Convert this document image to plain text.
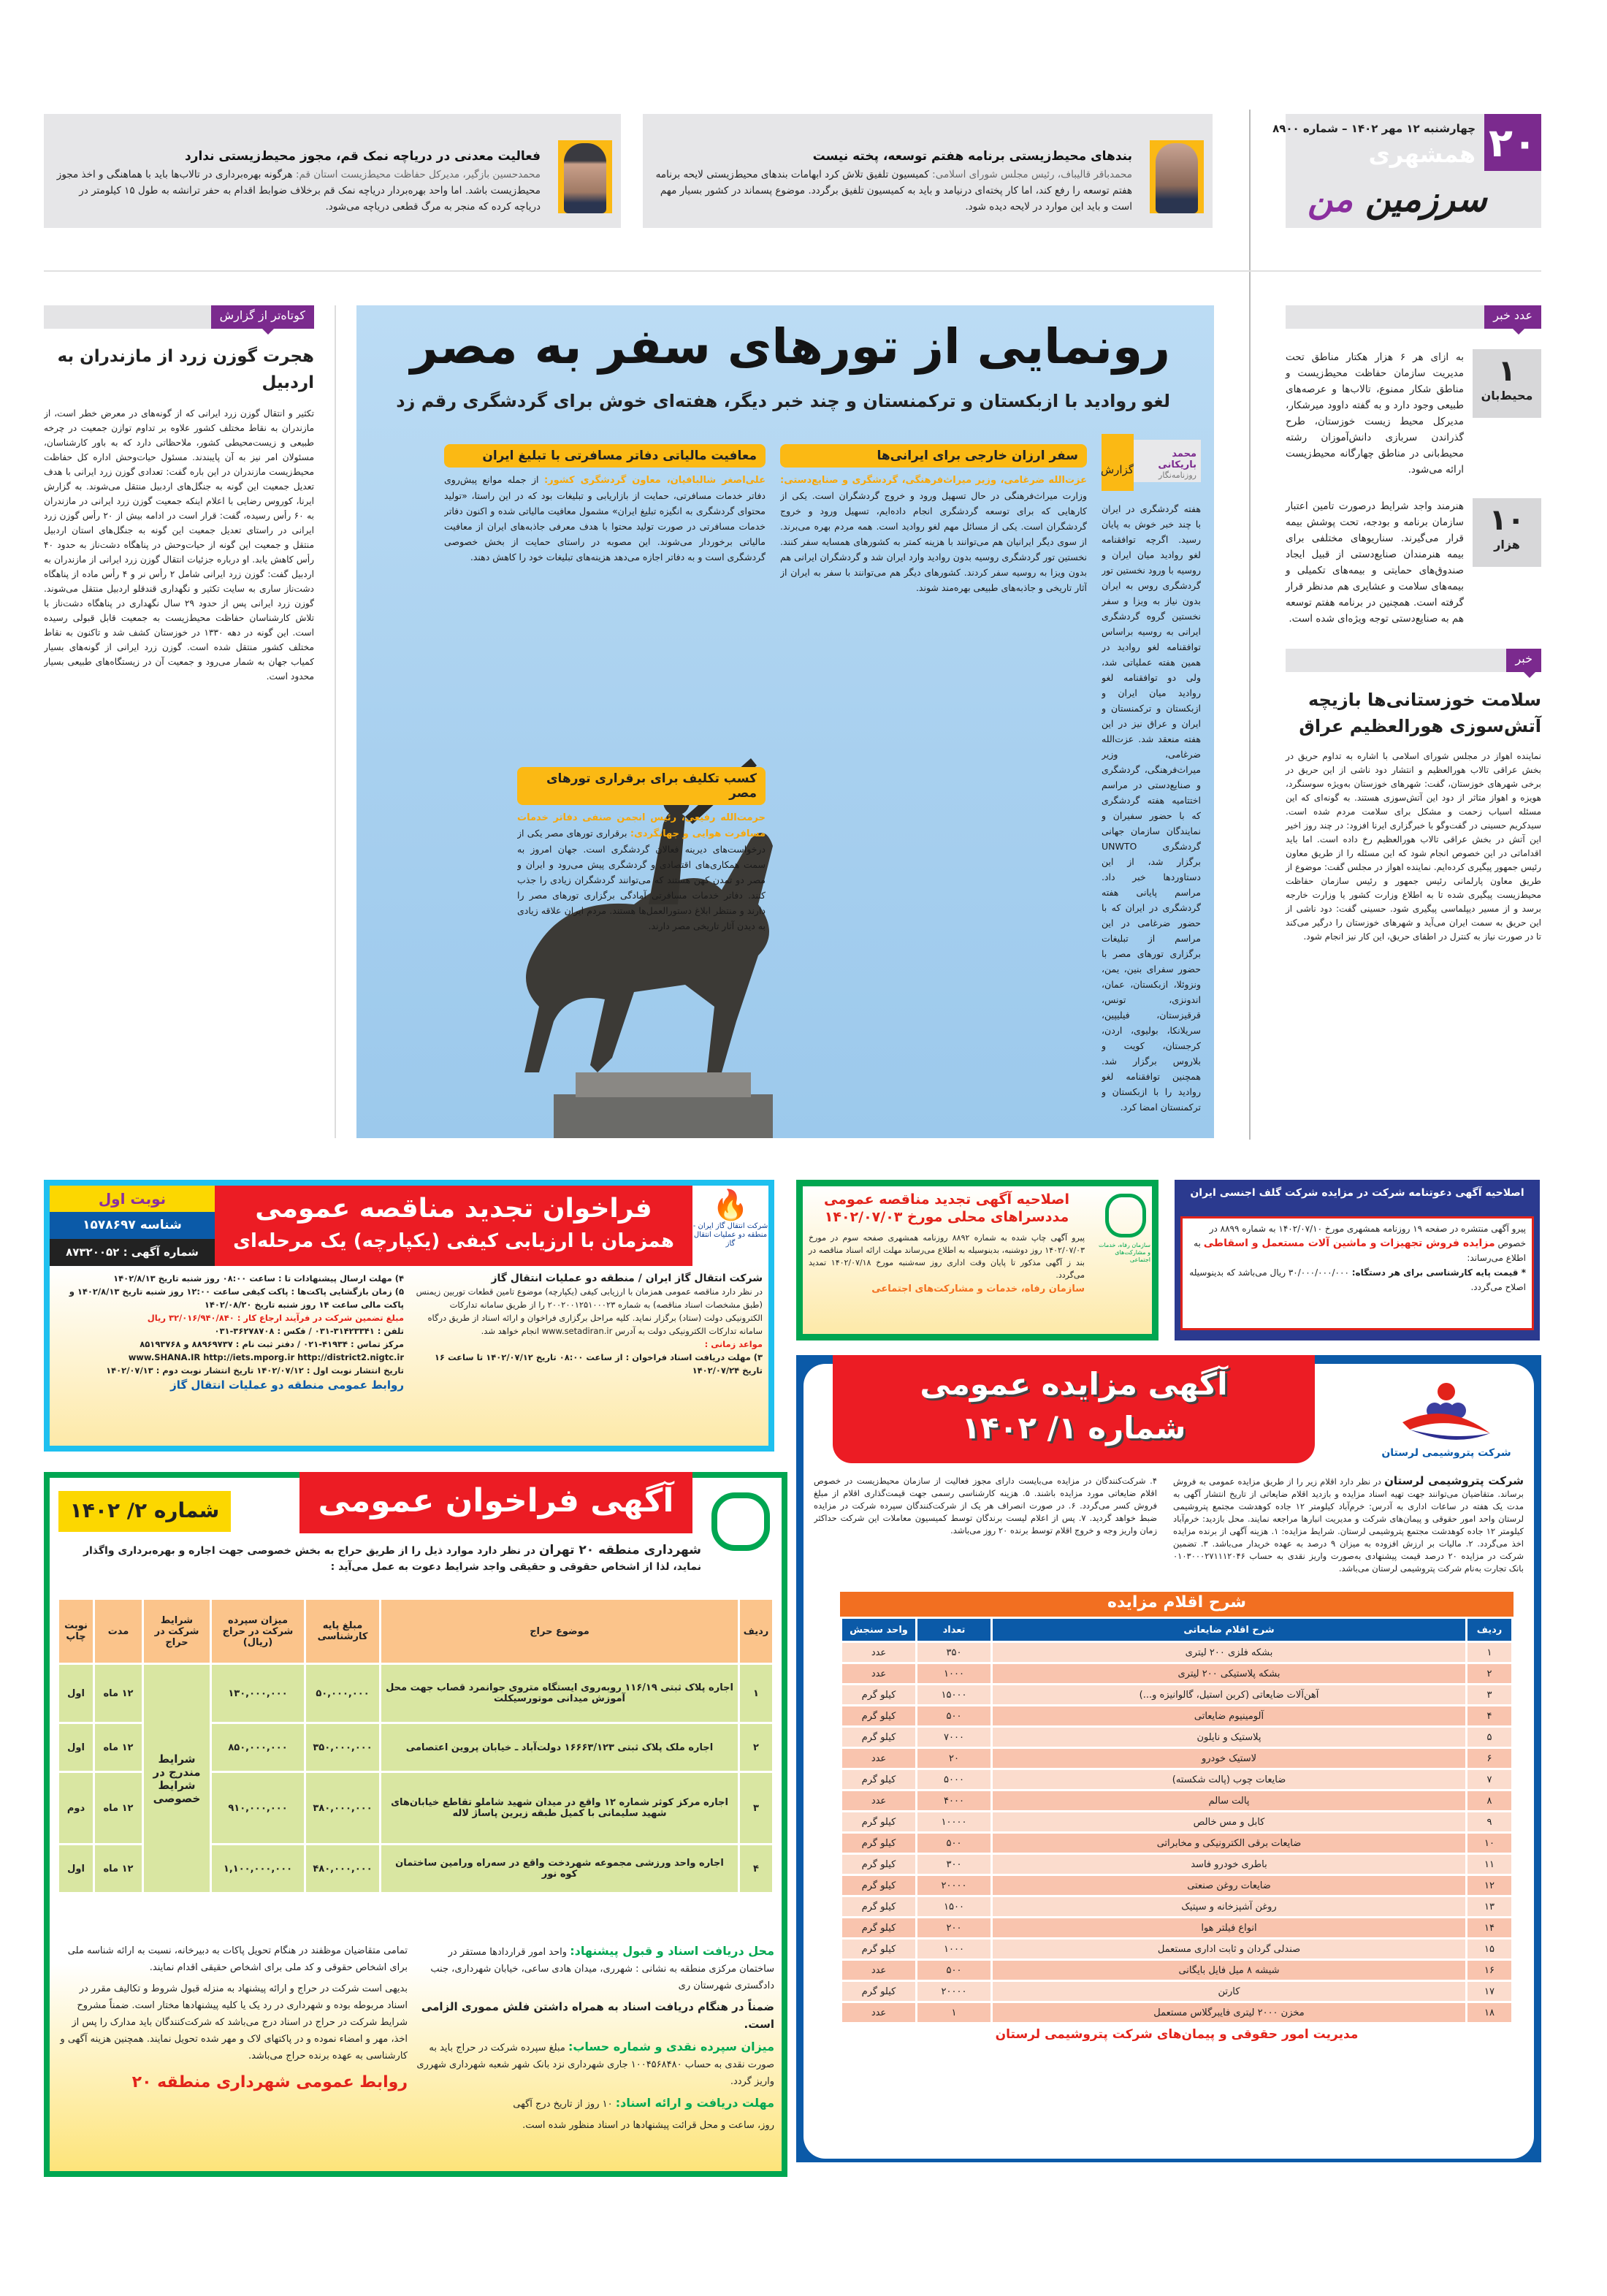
۲۰
چهارشنبه ۱۲ مهر ۱۴۰۲ – شماره ۸۹۰۰
همشهری
سرزمین من
بندهای محیط‌زیستی برنامه هفتم توسعه، پخته نیست
محمدباقر قالیباف، رئیس مجلس شورای اسلامی: کمیسیون تلفیق تلاش کرد ابهامات بندهای محیط‌زیستی لایحه برنامه هفتم توسعه را رفع کند، اما کار پخته‌ای درنیامد و باید به کمیسیون تلفیق برگردد. موضوع پسماند در کشور بسیار مهم است و باید این موارد در لایحه دیده شود.
فعالیت معدنی در دریاچه نمک قم، مجوز محیط‌زیستی ندارد
محمدحسین بازگیر، مدیرکل حفاظت محیط‌زیست استان قم: هرگونه بهره‌برداری در تالاب‌ها باید با هماهنگی و اخذ مجوز محیط‌زیست باشد. اما واحد بهره‌بردار دریاچه نمک قم برخلاف ضوابط اقدام به حفر ترانشه به طول ۱۵ کیلومتر در دریاچه کرده که منجر به مرگ قطعی دریاچه می‌شود.
عدد خبر
۱
محیط‌بان

به ازای هر ۶ هزار هکتار مناطق تحت مدیریت سازمان حفاظت محیط‌زیست و مناطق شکار ممنوع، تالاب‌ها و عرصه‌های طبیعی وجود دارد و به گفته داوود میرشکار، مدیرکل محیط زیست خوزستان، طرح گذراندن سربازی دانش‌آموزان رشته محیط‌بانی در مناطق چهارگانه محیط‌زیست ارائه می‌شود.

۱۰
هزار

هنرمند واجد شرایط درصورت تامین اعتبار سازمان برنامه و بودجه، تحت پوشش بیمه قرار می‌گیرند. سناریوهای مختلفی برای بیمه هنرمندان صنایع‌دستی از قبیل ایجاد صندوق‌های حمایتی و بیمه‌های تکمیلی و بیمه‌های سلامت و عشایری هم مدنظر قرار گرفته است. همچنین در برنامه هفتم توسعه هم به صنایع‌دستی توجه ویژه‌ای شده است.

خبر
سلامت خوزستانی‌ها بازیچه آتش‌سوزی هورالعظیم عراق
نماینده اهواز در مجلس شورای اسلامی با اشاره به تداوم حریق در بخش عراقی تالاب هورالعظیم و انتشار دود ناشی از این حریق در برخی شهرهای خوزستان، گفت: شهرهای خوزستان به‌ویژه سوسنگرد، هویزه و اهواز متاثر از دود این آتش‌سوزی هستند. به گونه‌ای که این مسئله اسباب زحمت و مشکل برای سلامت مردم شده است. سیدکریم حسینی در گفت‌وگو با خبرگزاری ایرنا افزود: در چند روز اخیر این آتش در بخش عراقی تالاب هورالعظیم رخ داده است. اما باید اقداماتی در این خصوص انجام شود که این مسئله را از طریق معاون رئیس جمهور پیگیری کرده‌ایم. نماینده اهواز در مجلس گفت: موضوع از طریق معاون پارلمانی رئیس جمهور و رئیس سازمان حفاظت محیط‌زیست پیگیری شده تا به اطلاع وزارت کشور یا وزارت خارجه برسد و از مسیر دیپلماسی پیگیری شود. حسینی گفت: دود ناشی از این حریق به سمت ایران می‌آید و شهرهای خوزستان را درگیر می‌کند تا در صورت نیاز به کنترل در اطفای حریق، این کار نیز انجام شود.
رونمایی از تورهای سفر به مصر
لغو روادید با ازبکستان و ترکمنستان و چند خبر دیگر، هفته‌ای خوش برای گردشگری رقم زد
محمد باریکانی
روزنامه‌نگار
گزارش

هفته گردشگری در ایران با چند خبر خوش به پایان رسید. اگرچه توافقنامه لغو روادید میان ایران و روسیه با ورود نخستین تور گردشگری روس به ایران بدون نیاز به ویزا و سفر نخستین گروه گردشگری ایرانی به روسیه براساس توافقنامه لغو روادید در همین هفته عملیاتی شد، ولی دو توافقنامه لغو روادید میان ایران و ازبکستان و ترکمنستان و ایران و عراق نیز در این هفته منعقد شد. عزت‌الله ضرغامی، وزیر میراث‌فرهنگی، گردشگری و صنایع‌دستی در مراسم اختتامیه هفته گردشگری که با حضور سفیران و نمایندگان سازمان جهانی گردشگری UNWTO برگزار شد، از این دستاوردها خبر داد. مراسم پایانی هفته گردشگری در ایران که با حضور ضرغامی در این مراسم از تبلیغات برگزاری تورهای مصر با حضور سفرای بنین، یمن، ونزوئلا، ازبکستان، عمان، اندونزی، تونس، قرقیزستان، فیلیپین، سریلانکا، بولیوی، اردن، کرجستان، کویت و بلاروس برگزار شد. همچنین توافقنامه لغو روادید را با ازبکستان و ترکمنستان امضا کرد.

سفر ارزان خارجی برای ایرانی‌ها

عزت‌الله ضرغامی، وزیر میراث‌فرهنگی، گردشگری و صنایع‌دستی: وزارت میراث‌فرهنگی در حال تسهیل ورود و خروج گردشگران است. یکی از کارهایی که برای توسعه گردشگری انجام داده‌ایم، تسهیل ورود و خروج گردشگران است. یکی از مسائل مهم لغو روادید است. همه مردم بهره می‌برند. از سوی دیگر ایرانیان هم می‌توانند با هزینه کمتر به کشورهای همسایه سفر کنند. نخستین تور گردشگری روسیه بدون روادید وارد ایران شد و گردشگران ایرانی هم بدون ویزا به روسیه سفر کردند. کشورهای دیگر هم می‌توانند با سفر به ایران از آثار تاریخی و جاذبه‌های طبیعی بهره‌مند شوند.

معافیت مالیاتی دفاتر مسافرتی با تبلیغ ایران

علی‌اصغر شالبافیان، معاون گردشگری کشور: از جمله موانع پیش‌روی دفاتر خدمات مسافرتی، حمایت از بازاریابی و تبلیغات بود که در این راستا، «تولید محتوای گردشگری به انگیزه تبلیغ ایران» مشمول معافیت مالیاتی شده و اکنون دفاتر خدمات مسافرتی در صورت تولید محتوا با هدف معرفی جاذبه‌های ایران از معافیت مالیاتی برخوردار می‌شوند. این مصوبه در راستای حمایت از بخش خصوصی گردشگری است و به دفاتر اجازه می‌دهد هزینه‌های تبلیغات خود را کاهش دهند.

کسب تکلیف برای برقراری تورهای مصر

حرمت‌الله رفیعی، رئیس انجمن صنفی دفاتر خدمات مسافرت هوایی و جهانگردی: برقراری تورهای مصر یکی از درخواست‌های دیرینه فعالان گردشگری است. جهان امروز به سمت همکاری‌های اقتصادی و گردشگری پیش می‌رود و ایران و مصر دو تمدن کهن هستند که می‌توانند گردشگران زیادی را جذب کنند. دفاتر خدمات مسافرتی آمادگی برگزاری تورهای مصر را دارند و منتظر ابلاغ دستورالعمل‌ها هستند. مردم ایران علاقه زیادی به دیدن آثار تاریخی مصر دارند.

کوتاه‌تر از گزارش
هجرت گوزن زرد از مازندران به اردبیل
تکثیر و انتقال گوزن زرد ایرانی که از گونه‌های در معرض خطر است، از مازندران به نقاط مختلف کشور علاوه بر تداوم توازن جمعیت در چرخه طبیعی و زیست‌محیطی کشور، ملاحظاتی دارد که به باور کارشناسان، مسئولان امر نیز به آن پایبندند. مسئول حیات‌وحش اداره کل حفاظت محیط‌زیست مازندران در این باره گفت: تعدادی گوزن زرد ایرانی با هدف تعدیل جمعیت این گونه به جنگل‌های اردبیل منتقل می‌شوند. به گزارش ایرنا، کوروس رضایی با اعلام اینکه جمعیت گوزن زرد ایرانی در مازندران به ۶۰ رأس رسیده، گفت: قرار است در ادامه بیش از ۲۰ رأس گوزن زرد ایرانی در راستای تعدیل جمعیت این گونه به جنگل‌های استان اردبیل منتقل و جمعیت این گونه از حیات‌وحش در پناهگاه دشت‌ناز به حدود ۴۰ رأس کاهش یابد. او درباره جزئیات انتقال گوزن زرد ایرانی از مازندران به اردبیل گفت: گوزن زرد ایرانی شامل ۲ رأس نر و ۴ رأس ماده از پناهگاه دشت‌ناز ساری به سایت تکثیر و نگهداری قندقلو اردبیل منتقل می‌شوند. گوزن زرد ایرانی پس از حدود ۲۹ سال نگهداری در پناهگاه دشت‌ناز با تلاش کارشناسان حفاظت محیط‌زیست به جمعیت قابل قبولی رسیده است. این گونه در دهه ۱۳۳۰ در خوزستان کشف شد و تاکنون به نقاط مختلف کشور منتقل شده است. گوزن زرد ایرانی از گونه‌های بسیار کمیاب جهان به شمار می‌رود و جمعیت آن در زیستگاه‌های طبیعی بسیار محدود است.
🔥
شرکت انتقال گاز ایران - منطقه دو عملیات انتقال گاز
فراخوان تجدید مناقصه عمومی
همزمان با ارزیابی کیفی (یکپارچه) یک مرحله‌ای
نوبت اول
شناسه ۱۵۷۸۶۹۷
شماره آگهی : ۸۷۳۲۰۰۵۲
شرکت انتقال گاز ایران / منطقه دو عملیات انتقال گاز
در نظر دارد مناقصه عمومی همزمان با ارزیابی کیفی (یکپارچه) موضوع تامین قطعات توربین زیمنس (طبق مشخصات اسناد مناقصه) به شماره ۲۰۰۲۰۰۱۲۵۱۰۰۰۲۳ را از طریق سامانه تدارکات الکترونیکی دولت (ستاد) برگزار نماید. کلیه مراحل برگزاری فراخوان و ارائه اسناد از طریق درگاه سامانه تدارکات الکترونیکی دولت به آدرس www.setadiran.ir انجام خواهد شد.
مواعد زمانی :
۳) مهلت دریافت اسناد فراخوان : از ساعت ۰۸:۰۰ تاریخ ۱۴۰۲/۰۷/۱۲ تا ساعت ۱۶ تاریخ ۱۴۰۲/۰۷/۲۴
۴) مهلت ارسال پیشنهادات تا : ساعت ۰۸:۰۰ روز شنبه تاریخ ۱۴۰۲/۸/۱۳
۵) زمان بازگشایی پاکت‌ها : پاکت کیفی ساعت ۱۲:۰۰ روز شنبه تاریخ ۱۴۰۲/۸/۱۳ و پاکت مالی ساعت ۱۴ روز شنبه تاریخ ۱۴۰۲/۰۸/۲۰
مبلغ تضمین شرکت در فرآیند ارجاع کار : ۳۲/۰۱۶/۹۴۰/۸۴۰ ریال
تلفن : ۳۱۴۲۳۳۴۱-۰۳۱ / فکس : ۳۶۲۷۸۷۰۸-۰۳۱
مرکز تماس : ۴۱۹۳۴-۰۲۱ / دفتر ثبت نام : ۸۸۹۶۹۷۳۷ و ۸۵۱۹۳۷۶۸
www.SHANA.IR http://iets.mporg.ir http://district2.nigtc.ir
تاریخ انتشار نوبت اول : ۱۴۰۲/۰۷/۱۲ تاریخ انتشار نوبت دوم : ۱۴۰۲/۰۷/۱۳
روابط عمومی منطقه دو عملیات انتقال گاز
سازمان رفاه، خدمات و مشارکت‌های اجتماعی
اصلاحیه آگهی تجدید مناقصه عمومی
مددسراهای محلی مورخ ۱۴۰۲/۰۷/۰۳
پیرو آگهی چاپ شده به شماره ۸۸۹۲ روزنامه همشهری صفحه سوم در مورخ ۱۴۰۲/۰۷/۰۳ روز دوشنبه، بدینوسیله به اطلاع می‌رساند مهلت ارائه اسناد مناقصه در بند ز آگهی مذکور تا پایان وقت اداری روز سه‌شنبه مورخ ۱۴۰۲/۰۷/۱۸ تمدید می‌گردد.
سازمان رفاه، خدمات و مشارکت‌های اجتماعی
اصلاحیه آگهی دعوتنامه شرکت در مزایده شرکت گلف اجنسی ایران
پیرو آگهی منتشره در صفحه ۱۹ روزنامه همشهری مورخ ۱۴۰۲/۰۷/۱۰ به شماره ۸۸۹۹ در خصوص مزایده فروش تجهیزات و ماشین آلات مستعمل و اسقاطی به اطلاع می‌رساند:
* قیمت پایه کارشناسی برای هر دستگاه: ۳۰/۰۰۰/۰۰۰/۰۰۰ ریال می‌باشد که بدینوسیله اصلاح می‌گردد.
شرکت پتروشیمی لرستان
آگهی مزایده عمومی
شماره ۱/ ۱۴۰۲
شرکت پتروشیمی لرستان در نظر دارد اقلام زیر را از طریق مزایده عمومی به فروش برساند. متقاضیان می‌توانند جهت تهیه اسناد مزایده و بازدید اقلام ضایعاتی از تاریخ انتشار آگهی به مدت یک هفته در ساعات اداری به آدرس: خرم‌آباد کیلومتر ۱۲ جاده کوهدشت مجتمع پتروشیمی لرستان واحد امور حقوقی و پیمان‌های شرکت و مدیریت انبارها مراجعه نمایند. محل بازدید: خرم‌آباد کیلومتر ۱۲ جاده کوهدشت مجتمع پتروشیمی لرستان. شرایط مزایده: ۱. هزینه آگهی از برنده مزایده اخذ می‌گردد. ۲. مالیات بر ارزش افزوده به میزان ۹ درصد به عهده خریدار می‌باشد. ۳. تضمین شرکت در مزایده ۲۰ درصد قیمت پیشنهادی به‌صورت واریز نقدی به حساب ۰۱۰۳۰۰۰۲۷۱۱۱۲۰۴۶ بانک تجارت به‌نام شرکت پتروشیمی لرستان می‌باشد.
۴. شرکت‌کنندگان در مزایده می‌بایست دارای مجوز فعالیت از سازمان محیط‌زیست در خصوص اقلام ضایعاتی مورد مزایده باشند. ۵. هزینه کارشناسی رسمی جهت قیمت‌گذاری اقلام از مبلغ فروش کسر می‌گردد. ۶. در صورت انصراف هر یک از شرکت‌کنندگان سپرده شرکت در مزایده ضبط خواهد گردید. ۷. پس از اعلام لیست برندگان توسط کمیسیون معاملات این شرکت حداکثر زمان واریز وجه و خروج اقلام توسط برنده ۲۰ روز می‌باشد.
شرح اقلام مزایده
ردیف	شرح اقلام ضایعاتی	تعداد	واحد سنجش
۱	بشکه فلزی ۲۰۰ لیتری	۳۵۰	عدد
۲	بشکه پلاستیکی ۲۰۰ لیتری	۱۰۰۰	عدد
۳	آهن‌آلات ضایعاتی (کربن استیل، گالوانیزه و...)	۱۵۰۰۰	کیلو گرم
۴	آلومینیوم ضایعاتی	۵۰۰	کیلو گرم
۵	پلاستیک و نایلون	۷۰۰۰	کیلو گرم
۶	لاستیک خودرو	۲۰	عدد
۷	ضایعات چوب (پالت شکسته)	۵۰۰۰	کیلو گرم
۸	پالت سالم	۴۰۰۰	عدد
۹	کابل و مس خالص	۱۰۰۰۰	کیلو گرم
۱۰	ضایعات برقی الکترونیکی و مخابراتی	۵۰۰	کیلو گرم
۱۱	باطری خودرو فاسد	۳۰۰	کیلو گرم
۱۲	ضایعات روغن صنعتی	۲۰۰۰۰	کیلو گرم
۱۳	روغن آشپزخانه و سپتیک	۱۵۰۰	کیلو گرم
۱۴	انواع فیلتر هوا	۲۰۰	کیلو گرم
۱۵	صندلی گردان و ثابت اداری مستعمل	۱۰۰۰	کیلو گرم
۱۶	شیشه ۸ میل فایل بایگانی	۵۰۰	عدد
۱۷	کارتن	۲۰۰۰۰	کیلو گرم
۱۸	مخزن ۲۰۰۰ لیتری فایبرگلاس مستعمل	۱	عدد
مدیریت امور حقوقی و پیمان‌های شرکت پتروشیمی لرستان
آگهی فراخوان عمومی
شماره ۲/ ۱۴۰۲
شهرداری منطقه ۲۰ تهران در نظر دارد موارد ذیل را از طریق حراج به بخش خصوصی جهت اجاره و بهره‌برداری واگذار نماید، لذا از اشخاص حقوقی و حقیقی واجد شرایط دعوت به عمل می‌آید :
ردیف	موضوع حراج	مبلغ پایه کارشناسی	میزان سپرده شرکت در حراج (ریال)	شرایط شرکت در حراج	مدت	نوبت چاپ
۱	اجاره پلاک ثبتی ۱۱۶/۱۹ روبه‌روی ایستگاه متروی جوانمرد قصاب جهت محل آموزش میدانی موتورسیکلت	۵۰,۰۰۰,۰۰۰	۱۳۰,۰۰۰,۰۰۰	شرایط مندرج در شرایط خصوصی	۱۲ ماه	اول
۲	اجاره ملک پلاک ثبتی ۱۶۶۶۳/۱۲۳ دولت‌آباد ـ خیابان پروین اعتصامی	۳۵۰,۰۰۰,۰۰۰	۸۵۰,۰۰۰,۰۰۰		۱۲ ماه	اول
۳	اجاره مرکز کوثر شماره ۱۲ واقع در میدان شهید شاملو تقاطع خیابان‌های شهید سلیمانی با کمیل طبقه زیرین پاساژ لاله	۳۸۰,۰۰۰,۰۰۰	۹۱۰,۰۰۰,۰۰۰		۱۲ ماه	دوم
۴	اجاره واحد ورزشی مجموعه شهردخت واقع در سه‌راه ورامین ساختمان کوه نور	۴۸۰,۰۰۰,۰۰۰	۱,۱۰۰,۰۰۰,۰۰۰		۱۲ ماه	اول

محل دریافت اسناد و قبول پیشنهاد: واحد امور قراردادها مستقر در ساختمان مرکزی منطقه به نشانی : شهرری، میدان هادی ساعی، خیابان شهرداری، جنب دادگستری شهرستان ری

ضمناً در هنگام دریافت اسناد به همراه داشتن فلش مموری الزامی است.

میزان سپرده نقدی و شماره حساب: مبلغ سپرده شرکت در حراج باید به صورت نقدی به حساب ۱۰۰۴۵۶۸۴۸۰ جاری شهرداری نزد بانک شهر شعبه شهرداری شهرری واریز گردد.

مهلت دریافت و ارائه اسناد: ۱۰ روز از تاریخ درج آگهی

روز، ساعت و محل قرائت پیشنهادها در اسناد منظور شده است.

تمامی متقاضیان موظفند در هنگام تحویل پاکات به دبیرخانه، نسبت به ارائه شناسه ملی برای اشخاص حقوقی و کد ملی برای اشخاص حقیقی اقدام نمایند.

بدیهی است شرکت در حراج و ارائه پیشنهاد به منزله قبول شروط و تکالیف مقرر در اسناد مربوطه بوده و شهرداری در رد یک یا کلیه پیشنهادها مختار است. ضمناً مشروح شرایط شرکت در حراج در اسناد درج می‌باشد که شرکت‌کنندگان باید مدارک را پس از اخذ، مهر و امضاء نموده و در پاکتهای لاک و مهر شده تحویل نمایند. همچنین هزینه آگهی و کارشناسی به عهده برنده حراج می‌باشد.

روابط عمومی شهرداری منطقه ۲۰
